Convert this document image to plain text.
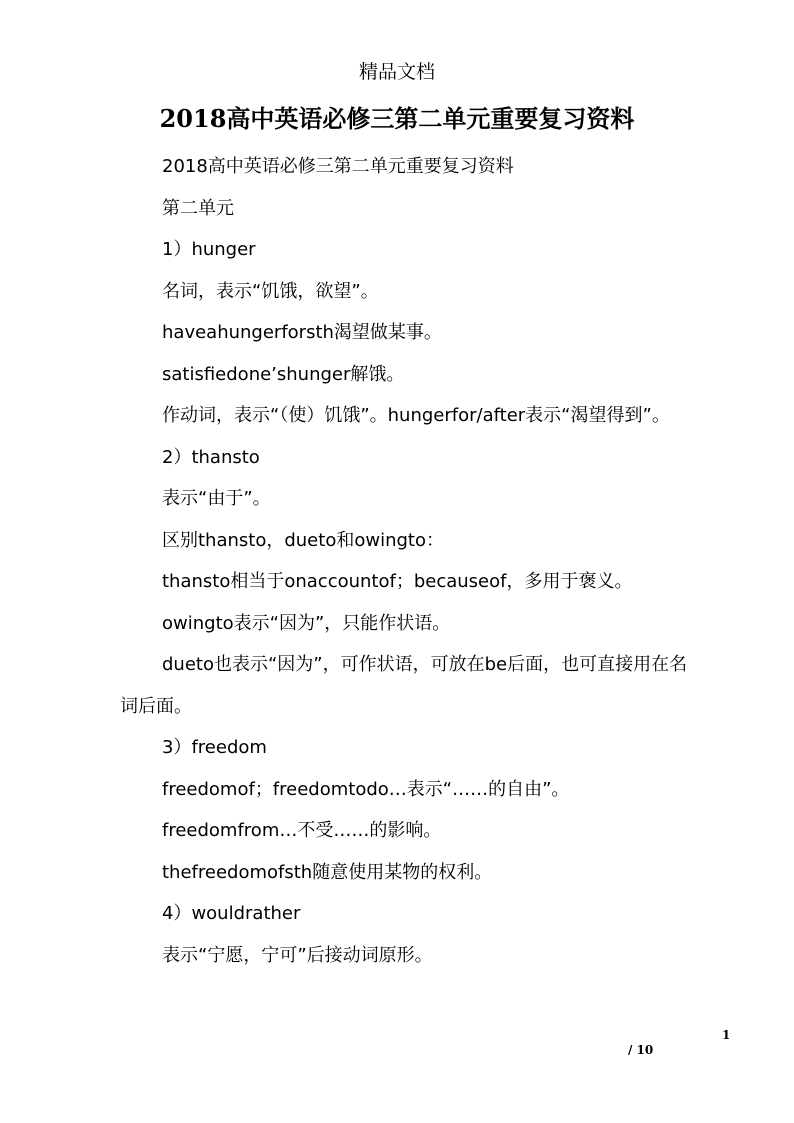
精品文档
2018高中英语必修三第二单元重要复习资料

2018高中英语必修三第二单元重要复习资料

第二单元

1）hunger

名词，表示“饥饿，欲望”。

haveahungerforsth渴望做某事。

satisfiedone’shunger解饿。

作动词，表示“（使）饥饿”。hungerfor/after表示“渴望得到”。

2）thansto

表示“由于”。

区别thansto，dueto和owingto：

thansto相当于onaccountof；becauseof，多用于褒义。

owingto表示“因为”，只能作状语。

dueto也表示“因为”，可作状语，可放在be后面，也可直接用在名词后面。

3）freedom

freedomof；freedomtodo…表示“……的自由”。

freedomfrom…不受……的影响。

thefreedomofsth随意使用某物的权利。

4）wouldrather

表示“宁愿，宁可”后接动词原形。

1
/ 10
